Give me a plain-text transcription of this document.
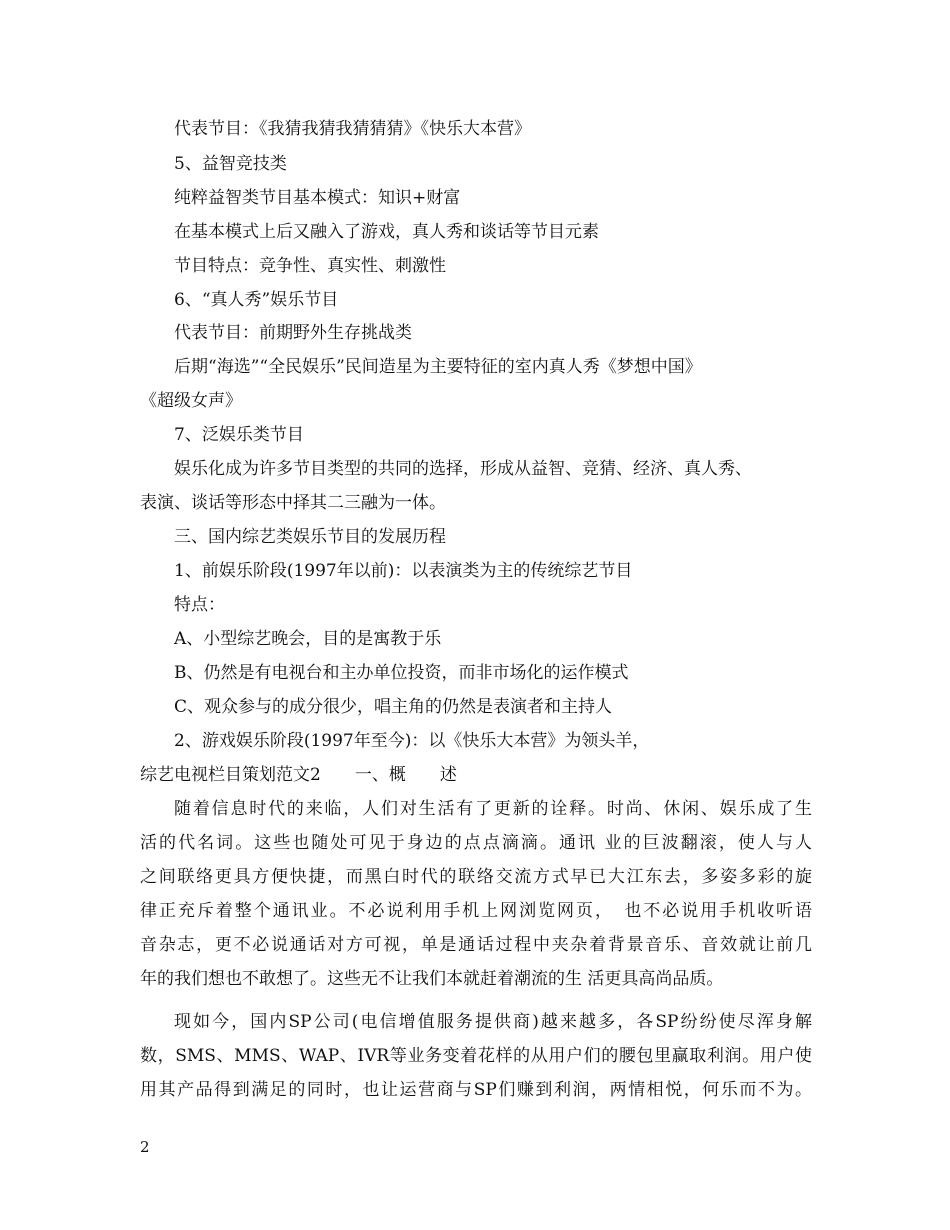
代表节目：《我猜我猜我猜猜猜》《快乐大本营》
5、益智竞技类
纯粹益智类节目基本模式：知识+财富
在基本模式上后又融入了游戏，真人秀和谈话等节目元素
节目特点：竞争性、真实性、刺激性
6、“真人秀”娱乐节目
代表节目：前期野外生存挑战类
后期“海选”“全民娱乐”民间造星为主要特征的室内真人秀《梦想中国》
《超级女声》
7、泛娱乐类节目
娱乐化成为许多节目类型的共同的选择，形成从益智、竞猜、经济、真人秀、
表演、谈话等形态中择其二三融为一体。
三、国内综艺类娱乐节目的发展历程
1、前娱乐阶段(1997年以前)：以表演类为主的传统综艺节目
特点：
A、小型综艺晚会，目的是寓教于乐
B、仍然是有电视台和主办单位投资，而非市场化的运作模式
C、观众参与的成分很少，唱主角的仍然是表演者和主持人
2、游戏娱乐阶段(1997年至今)：以《快乐大本营》为领头羊，
综艺电视栏目策划范文2　　一、概　　述
随着信息时代的来临，人们对生活有了更新的诠释。时尚、休闲、娱乐成了生
活的代名词。这些也随处可见于身边的点点滴滴。通讯 业的巨波翻滚，使人与人
之间联络更具方便快捷，而黑白时代的联络交流方式早已大江东去，多姿多彩的旋
律正充斥着整个通讯业。不必说利用手机上网浏览网页，　也不必说用手机收听语
音杂志，更不必说通话对方可视，单是通话过程中夹杂着背景音乐、音效就让前几
年的我们想也不敢想了。这些无不让我们本就赶着潮流的生 活更具高尚品质。
现如今，国内SP公司(电信增值服务提供商)越来越多，各SP纷纷使尽浑身解
数，SMS、MMS、WAP、IVR等业务变着花样的从用户们的腰包里赢取利润。用户使
用其产品得到满足的同时，也让运营商与SP们赚到利润，两情相悦，何乐而不为。
2
